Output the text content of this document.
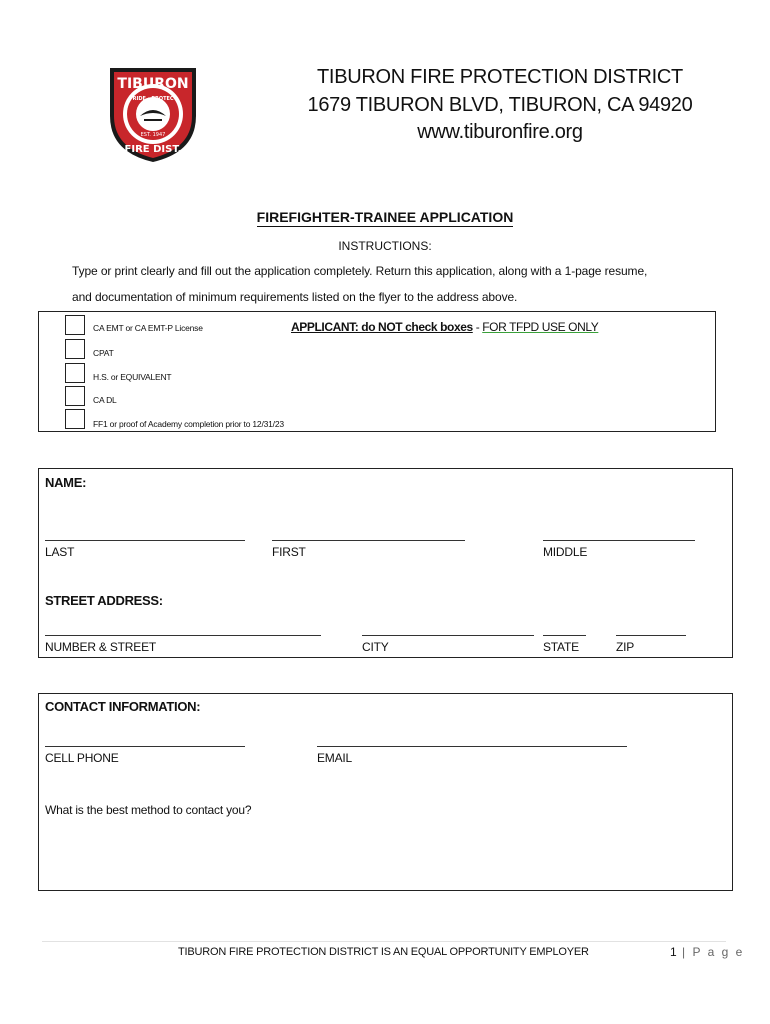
TIBURON
PRIDE · PROTECT
EST. 1947
FIRE DIST.
TIBURON FIRE PROTECTION DISTRICT
1679 TIBURON BLVD, TIBURON, CA 94920
www.tiburonfire.org
FIREFIGHTER-TRAINEE APPLICATION
INSTRUCTIONS:
Type or print clearly and fill out the application completely. Return this application, along with a 1-page resume,
and documentation of minimum requirements listed on the flyer to the address above.
CA EMT or CA EMT-P License	APPLICANT: do NOT check boxes - FOR TFPD USE ONLY
CPAT
H.S. or EQUIVALENT
CA DL
FF1 or proof of Academy completion prior to 12/31/23
NAME:
LAST	FIRST	MIDDLE
STREET ADDRESS:
NUMBER & STREET	CITY	STATE	ZIP
CONTACT INFORMATION:
CELL PHONE	EMAIL
What is the best method to contact you?
TIBURON FIRE PROTECTION DISTRICT IS AN EQUAL OPPORTUNITY EMPLOYER	1 | P a g e
